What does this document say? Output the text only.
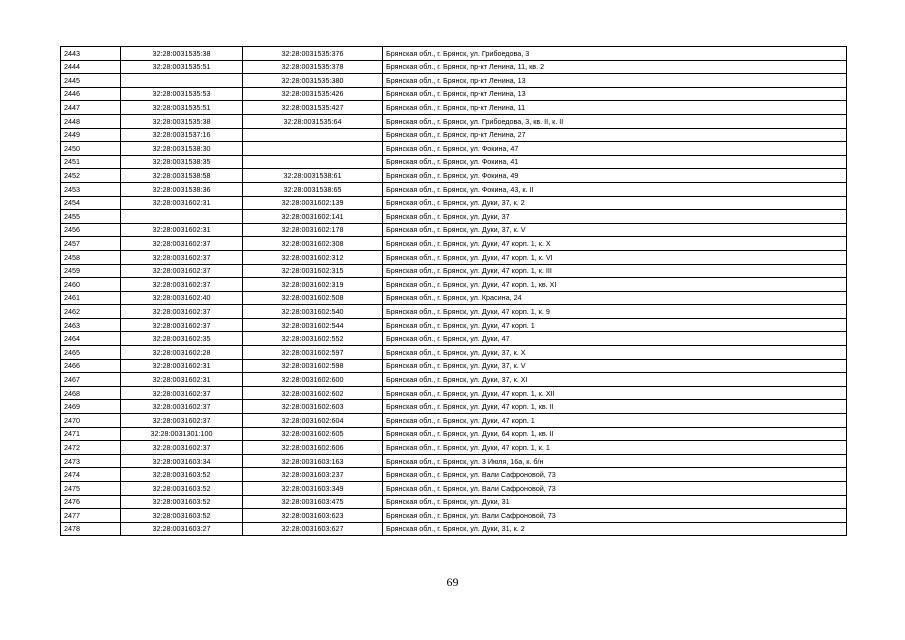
2443	32:28:0031535:38	32:28:0031535:376	Брянская обл., г. Брянск, ул. Грибоедова, 3
2444	32:28:0031535:51	32:28:0031535:378	Брянская обл., г. Брянск, пр-кт Ленина, 11, кв. 2
2445		32:28:0031535:380	Брянская обл., г. Брянск, пр-кт Ленина, 13
2446	32:28:0031535:53	32:28:0031535:426	Брянская обл., г. Брянск, пр-кт Ленина, 13
2447	32:28:0031535:51	32:28:0031535:427	Брянская обл., г. Брянск, пр-кт Ленина, 11
2448	32:28:0031535:38	32:28:0031535:64	Брянская обл., г. Брянск, ул. Грибоедова, 3, кв. II, к. II
2449	32:28:0031537:16		Брянская обл., г. Брянск, пр-кт Ленина, 27
2450	32:28:0031538:30		Брянская обл., г. Брянск, ул. Фокина, 47
2451	32:28:0031538:35		Брянская обл., г. Брянск, ул. Фокина, 41
2452	32:28:0031538:58	32:28:0031538:61	Брянская обл., г. Брянск, ул. Фокина, 49
2453	32:28:0031538:36	32:28:0031538:65	Брянская обл., г. Брянск, ул. Фокина, 43, к. II
2454	32:28:0031602:31	32:28:0031602:139	Брянская обл., г. Брянск, ул. Дуки, 37, к. 2
2455		32:28:0031602:141	Брянская обл., г. Брянск, ул. Дуки, 37
2456	32:28:0031602:31	32:28:0031602:178	Брянская обл., г. Брянск, ул. Дуки, 37, к. V
2457	32:28:0031602:37	32:28:0031602:308	Брянская обл., г. Брянск, ул. Дуки, 47 корп. 1, к. X
2458	32:28:0031602:37	32:28:0031602:312	Брянская обл., г. Брянск, ул. Дуки, 47 корп. 1, к. VI
2459	32:28:0031602:37	32:28:0031602:315	Брянская обл., г. Брянск, ул. Дуки, 47 корп. 1, к. III
2460	32:28:0031602:37	32:28:0031602:319	Брянская обл., г. Брянск, ул. Дуки, 47 корп. 1, кв. XI
2461	32:28:0031602:40	32:28:0031602:508	Брянская обл., г. Брянск, ул. Красина, 24
2462	32:28:0031602:37	32:28:0031602:540	Брянская обл., г. Брянск, ул. Дуки, 47 корп. 1, к. 9
2463	32:28:0031602:37	32:28:0031602:544	Брянская обл., г. Брянск, ул. Дуки, 47 корп. 1
2464	32:28:0031602:35	32:28:0031602:552	Брянская обл., г. Брянск, ул. Дуки, 47
2465	32:28:0031602:28	32:28:0031602:597	Брянская обл., г. Брянск, ул. Дуки, 37, к. X
2466	32:28:0031602:31	32:28:0031602:598	Брянская обл., г. Брянск, ул. Дуки, 37, к. V
2467	32:28:0031602:31	32:28:0031602:600	Брянская обл., г. Брянск, ул. Дуки, 37, к. XI
2468	32:28:0031602:37	32:28:0031602:602	Брянская обл., г. Брянск, ул. Дуки, 47 корп. 1, к. XII
2469	32:28:0031602:37	32:28:0031602:603	Брянская обл., г. Брянск, ул. Дуки, 47 корп. 1, кв. II
2470	32:28:0031602:37	32:28:0031602:604	Брянская обл., г. Брянск, ул. Дуки, 47 корп. 1
2471	32:28:0031301:100	32:28:0031602:605	Брянская обл., г. Брянск, ул. Дуки, 64 корп. 1, кв. II
2472	32:28:0031602:37	32:28:0031602:606	Брянская обл., г. Брянск, ул. Дуки, 47 корп. 1, к. 1
2473	32:28:0031603:34	32:28:0031603:163	Брянская обл., г. Брянск, ул. 3 Июля, 16а, к. б/н
2474	32:28:0031603:52	32:28:0031603:237	Брянская обл., г. Брянск, ул. Вали Сафроновой, 73
2475	32:28:0031603:52	32:28:0031603:349	Брянская обл., г. Брянск, ул. Вали Сафроновой, 73
2476	32:28:0031603:52	32:28:0031603:475	Брянская обл., г. Брянск, ул. Дуки, 31
2477	32:28:0031603:52	32:28:0031603:623	Брянская обл., г. Брянск, ул. Вали Сафроновой, 73
2478	32:28:0031603:27	32:28:0031603:627	Брянская обл., г. Брянск, ул. Дуки, 31, к. 2
69
